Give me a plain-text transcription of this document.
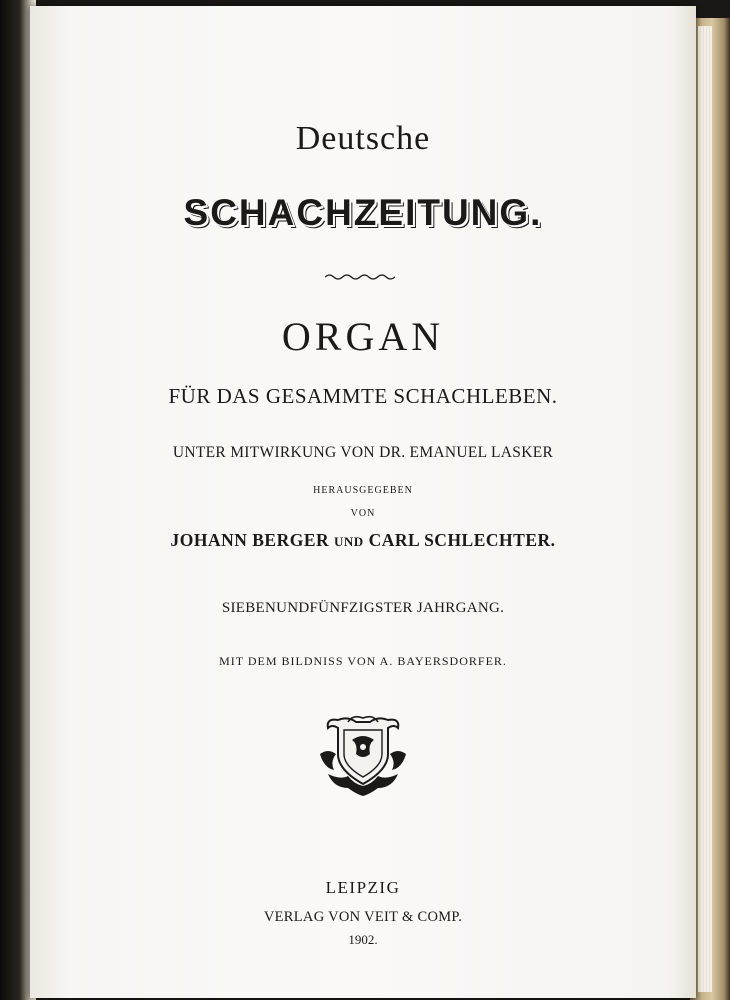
Deutsche
SCHACHZEITUNG.
ORGAN
FÜR DAS GESAMMTE SCHACHLEBEN.
UNTER MITWIRKUNG VON DR. EMANUEL LASKER
HERAUSGEGEBEN
VON
JOHANN BERGER UND CARL SCHLECHTER.
SIEBENUNDFÜNFZIGSTER JAHRGANG.
MIT DEM BILDNISS VON A. BAYERSDORFER.
LEIPZIG
VERLAG VON VEIT & COMP.
1902.
